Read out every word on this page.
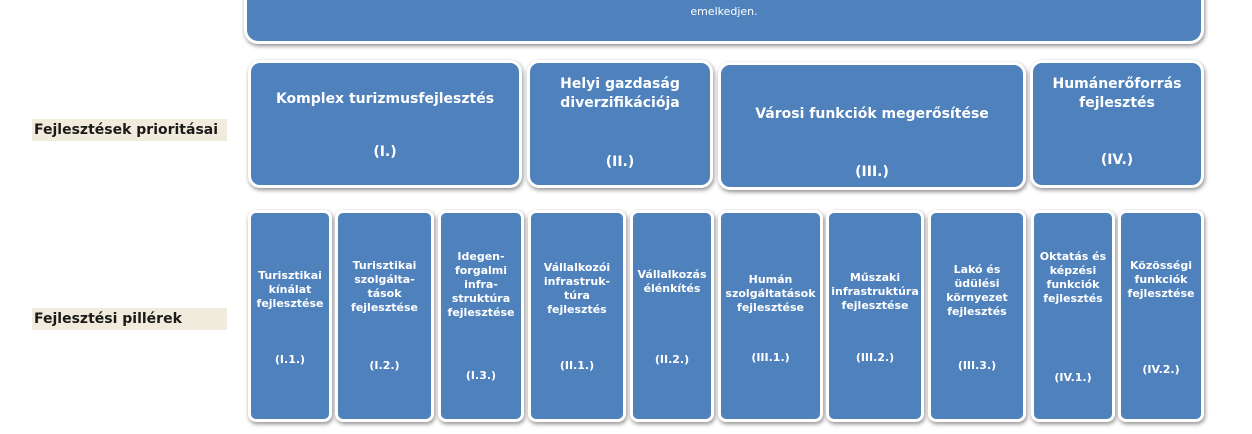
emelkedjen.
Fejlesztések prioritásai
Fejlesztési pillérek
Komplex turizmusfejlesztés
(I.)
Helyi gazdaság
diverzifikációja
(II.)
Városi funkciók megerősítése
(III.)
Humánerőforrás
fejlesztés
(IV.)
Turisztikai
kínálat
fejlesztése
(I.1.)
Turisztikai
szolgálta-
tások
fejlesztése
(I.2.)
Idegen-
forgalmi
infra-
struktúra
fejlesztése
(I.3.)
Vállalkozói
infrastruk-
túra
fejlesztés
(II.1.)
Vállalkozás
élénkítés
(II.2.)
Humán
szolgáltatások
fejlesztése
(III.1.)
Műszaki
infrastruktúra
fejlesztése
(III.2.)
Lakó és
üdülési
környezet
fejlesztés
(III.3.)
Oktatás és
képzési
funkciók
fejlesztés
(IV.1.)
Közösségi
funkciók
fejlesztése
(IV.2.)
